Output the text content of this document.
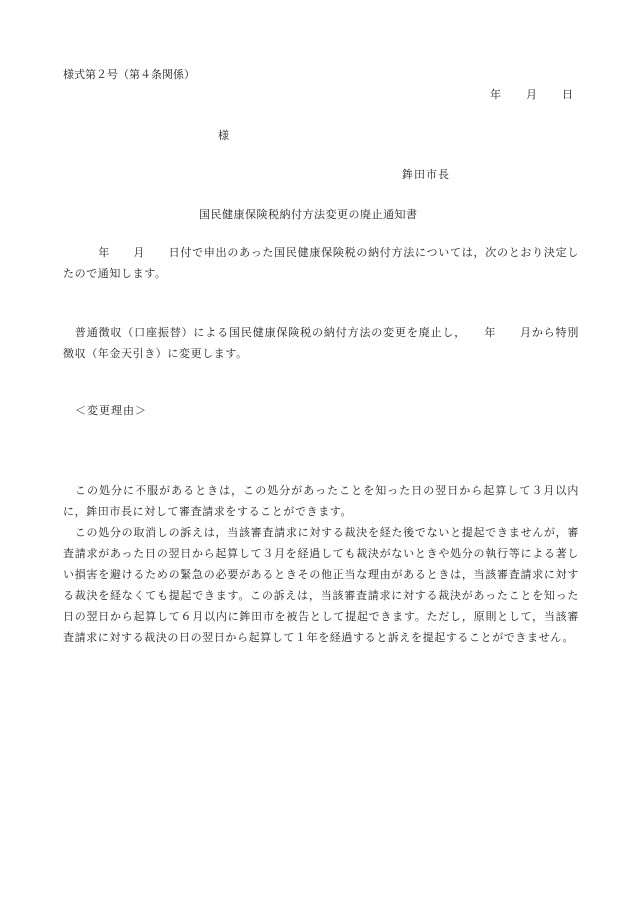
様式第２号（第４条関係）
年　　月　　日
様
鉾田市長
国民健康保険税納付方法変更の廃止通知書
　　　年　　月　　日付で申出のあった国民健康保険税の納付方法については，次のとおり決定したので通知します。
　普通徴収（口座振替）による国民健康保険税の納付方法の変更を廃止し，　　年　　月から特別徴収（年金天引き）に変更します。
＜変更理由＞
　この処分に不服があるときは，この処分があったことを知った日の翌日から起算して３月以内に，鉾田市長に対して審査請求をすることができます。
　この処分の取消しの訴えは，当該審査請求に対する裁決を経た後でないと提起できませんが，審査請求があった日の翌日から起算して３月を経過しても裁決がないときや処分の執行等による著しい損害を避けるための緊急の必要があるときその他正当な理由があるときは，当該審査請求に対する裁決を経なくても提起できます。この訴えは，当該審査請求に対する裁決があったことを知った日の翌日から起算して６月以内に鉾田市を被告として提起できます。ただし，原則として，当該審査請求に対する裁決の日の翌日から起算して１年を経過すると訴えを提起することができません。
